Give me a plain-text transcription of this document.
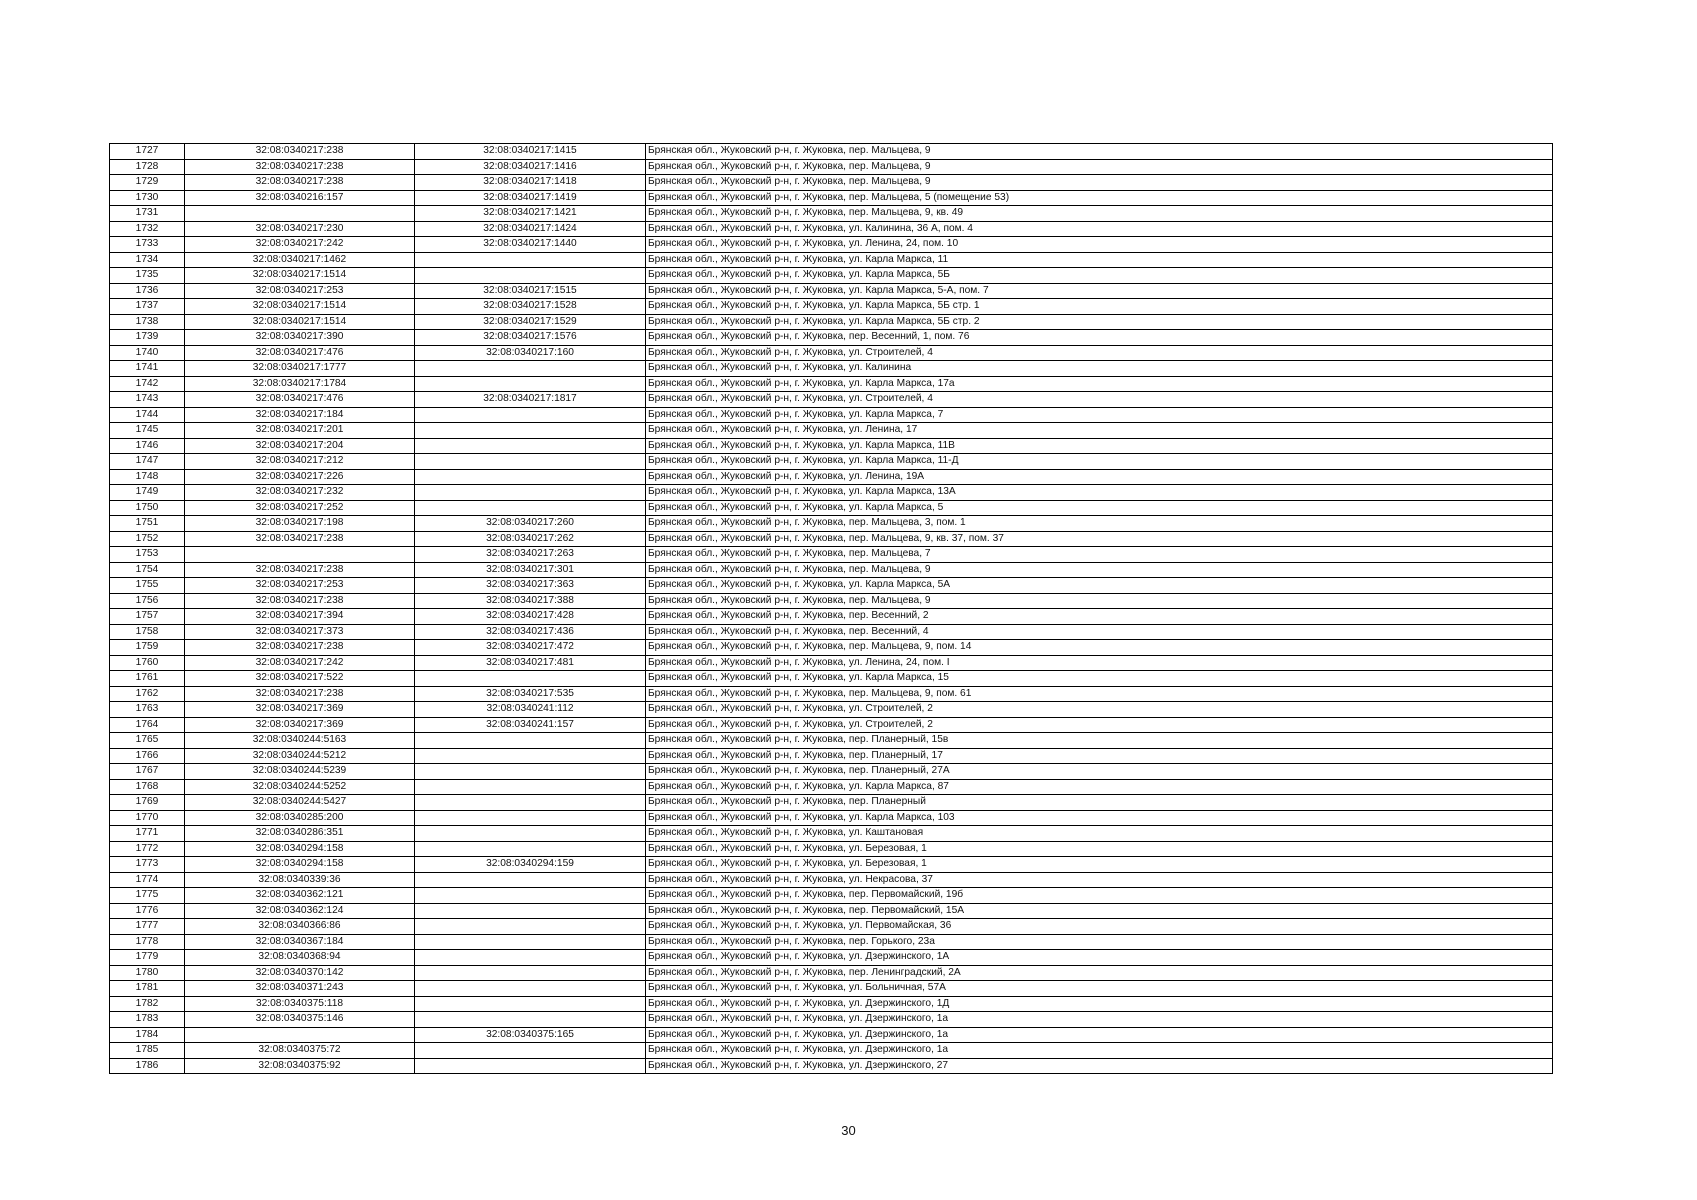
1727	32:08:0340217:238	32:08:0340217:1415	Брянская обл., Жуковский р-н, г. Жуковка, пер. Мальцева, 9
1728	32:08:0340217:238	32:08:0340217:1416	Брянская обл., Жуковский р-н, г. Жуковка, пер. Мальцева, 9
1729	32:08:0340217:238	32:08:0340217:1418	Брянская обл., Жуковский р-н, г. Жуковка, пер. Мальцева, 9
1730	32:08:0340216:157	32:08:0340217:1419	Брянская обл., Жуковский р-н, г. Жуковка, пер. Мальцева, 5 (помещение 53)
1731		32:08:0340217:1421	Брянская обл., Жуковский р-н, г. Жуковка, пер. Мальцева, 9, кв. 49
1732	32:08:0340217:230	32:08:0340217:1424	Брянская обл., Жуковский р-н, г. Жуковка, ул. Калинина, 36 А, пом. 4
1733	32:08:0340217:242	32:08:0340217:1440	Брянская обл., Жуковский р-н, г. Жуковка, ул. Ленина, 24, пом. 10
1734	32:08:0340217:1462		Брянская обл., Жуковский р-н, г. Жуковка, ул. Карла Маркса, 11
1735	32:08:0340217:1514		Брянская обл., Жуковский р-н, г. Жуковка, ул. Карла Маркса, 5Б
1736	32:08:0340217:253	32:08:0340217:1515	Брянская обл., Жуковский р-н, г. Жуковка, ул. Карла Маркса, 5-А, пом. 7
1737	32:08:0340217:1514	32:08:0340217:1528	Брянская обл., Жуковский р-н, г. Жуковка, ул. Карла Маркса, 5Б стр. 1
1738	32:08:0340217:1514	32:08:0340217:1529	Брянская обл., Жуковский р-н, г. Жуковка, ул. Карла Маркса, 5Б стр. 2
1739	32:08:0340217:390	32:08:0340217:1576	Брянская обл., Жуковский р-н, г. Жуковка, пер. Весенний, 1, пом. 76
1740	32:08:0340217:476	32:08:0340217:160	Брянская обл., Жуковский р-н, г. Жуковка, ул. Строителей, 4
1741	32:08:0340217:1777		Брянская обл., Жуковский р-н, г. Жуковка, ул. Калинина
1742	32:08:0340217:1784		Брянская обл., Жуковский р-н, г. Жуковка, ул. Карла Маркса, 17а
1743	32:08:0340217:476	32:08:0340217:1817	Брянская обл., Жуковский р-н, г. Жуковка, ул. Строителей, 4
1744	32:08:0340217:184		Брянская обл., Жуковский р-н, г. Жуковка, ул. Карла Маркса, 7
1745	32:08:0340217:201		Брянская обл., Жуковский р-н, г. Жуковка, ул. Ленина, 17
1746	32:08:0340217:204		Брянская обл., Жуковский р-н, г. Жуковка, ул. Карла Маркса, 11В
1747	32:08:0340217:212		Брянская обл., Жуковский р-н, г. Жуковка, ул. Карла Маркса, 11-Д
1748	32:08:0340217:226		Брянская обл., Жуковский р-н, г. Жуковка, ул. Ленина, 19А
1749	32:08:0340217:232		Брянская обл., Жуковский р-н, г. Жуковка, ул. Карла Маркса, 13А
1750	32:08:0340217:252		Брянская обл., Жуковский р-н, г. Жуковка, ул. Карла Маркса, 5
1751	32:08:0340217:198	32:08:0340217:260	Брянская обл., Жуковский р-н, г. Жуковка, пер. Мальцева, 3, пом. 1
1752	32:08:0340217:238	32:08:0340217:262	Брянская обл., Жуковский р-н, г. Жуковка, пер. Мальцева, 9, кв. 37, пом. 37
1753		32:08:0340217:263	Брянская обл., Жуковский р-н, г. Жуковка, пер. Мальцева, 7
1754	32:08:0340217:238	32:08:0340217:301	Брянская обл., Жуковский р-н, г. Жуковка, пер. Мальцева, 9
1755	32:08:0340217:253	32:08:0340217:363	Брянская обл., Жуковский р-н, г. Жуковка, ул. Карла Маркса, 5А
1756	32:08:0340217:238	32:08:0340217:388	Брянская обл., Жуковский р-н, г. Жуковка, пер. Мальцева, 9
1757	32:08:0340217:394	32:08:0340217:428	Брянская обл., Жуковский р-н, г. Жуковка, пер. Весенний, 2
1758	32:08:0340217:373	32:08:0340217:436	Брянская обл., Жуковский р-н, г. Жуковка, пер. Весенний, 4
1759	32:08:0340217:238	32:08:0340217:472	Брянская обл., Жуковский р-н, г. Жуковка, пер. Мальцева, 9, пом. 14
1760	32:08:0340217:242	32:08:0340217:481	Брянская обл., Жуковский р-н, г. Жуковка, ул. Ленина, 24, пом. I
1761	32:08:0340217:522		Брянская обл., Жуковский р-н, г. Жуковка, ул. Карла Маркса, 15
1762	32:08:0340217:238	32:08:0340217:535	Брянская обл., Жуковский р-н, г. Жуковка, пер. Мальцева, 9, пом. 61
1763	32:08:0340217:369	32:08:0340241:112	Брянская обл., Жуковский р-н, г. Жуковка, ул. Строителей, 2
1764	32:08:0340217:369	32:08:0340241:157	Брянская обл., Жуковский р-н, г. Жуковка, ул. Строителей, 2
1765	32:08:0340244:5163		Брянская обл., Жуковский р-н, г. Жуковка, пер. Планерный, 15в
1766	32:08:0340244:5212		Брянская обл., Жуковский р-н, г. Жуковка, пер. Планерный, 17
1767	32:08:0340244:5239		Брянская обл., Жуковский р-н, г. Жуковка, пер. Планерный, 27А
1768	32:08:0340244:5252		Брянская обл., Жуковский р-н, г. Жуковка, ул. Карла Маркса, 87
1769	32:08:0340244:5427		Брянская обл., Жуковский р-н, г. Жуковка, пер. Планерный
1770	32:08:0340285:200		Брянская обл., Жуковский р-н, г. Жуковка, ул. Карла Маркса, 103
1771	32:08:0340286:351		Брянская обл., Жуковский р-н, г. Жуковка, ул. Каштановая
1772	32:08:0340294:158		Брянская обл., Жуковский р-н, г. Жуковка, ул. Березовая, 1
1773	32:08:0340294:158	32:08:0340294:159	Брянская обл., Жуковский р-н, г. Жуковка, ул. Березовая, 1
1774	32:08:0340339:36		Брянская обл., Жуковский р-н, г. Жуковка, ул. Некрасова, 37
1775	32:08:0340362:121		Брянская обл., Жуковский р-н, г. Жуковка, пер. Первомайский, 19б
1776	32:08:0340362:124		Брянская обл., Жуковский р-н, г. Жуковка, пер. Первомайский, 15А
1777	32:08:0340366:86		Брянская обл., Жуковский р-н, г. Жуковка, ул. Первомайская, 36
1778	32:08:0340367:184		Брянская обл., Жуковский р-н, г. Жуковка, пер. Горького, 23а
1779	32:08:0340368:94		Брянская обл., Жуковский р-н, г. Жуковка, ул. Дзержинского, 1А
1780	32:08:0340370:142		Брянская обл., Жуковский р-н, г. Жуковка, пер. Ленинградский, 2А
1781	32:08:0340371:243		Брянская обл., Жуковский р-н, г. Жуковка, ул. Больничная, 57А
1782	32:08:0340375:118		Брянская обл., Жуковский р-н, г. Жуковка, ул. Дзержинского, 1Д
1783	32:08:0340375:146		Брянская обл., Жуковский р-н, г. Жуковка, ул. Дзержинского, 1а
1784		32:08:0340375:165	Брянская обл., Жуковский р-н, г. Жуковка, ул. Дзержинского, 1а
1785	32:08:0340375:72		Брянская обл., Жуковский р-н, г. Жуковка, ул. Дзержинского, 1а
1786	32:08:0340375:92		Брянская обл., Жуковский р-н, г. Жуковка, ул. Дзержинского, 27
30
